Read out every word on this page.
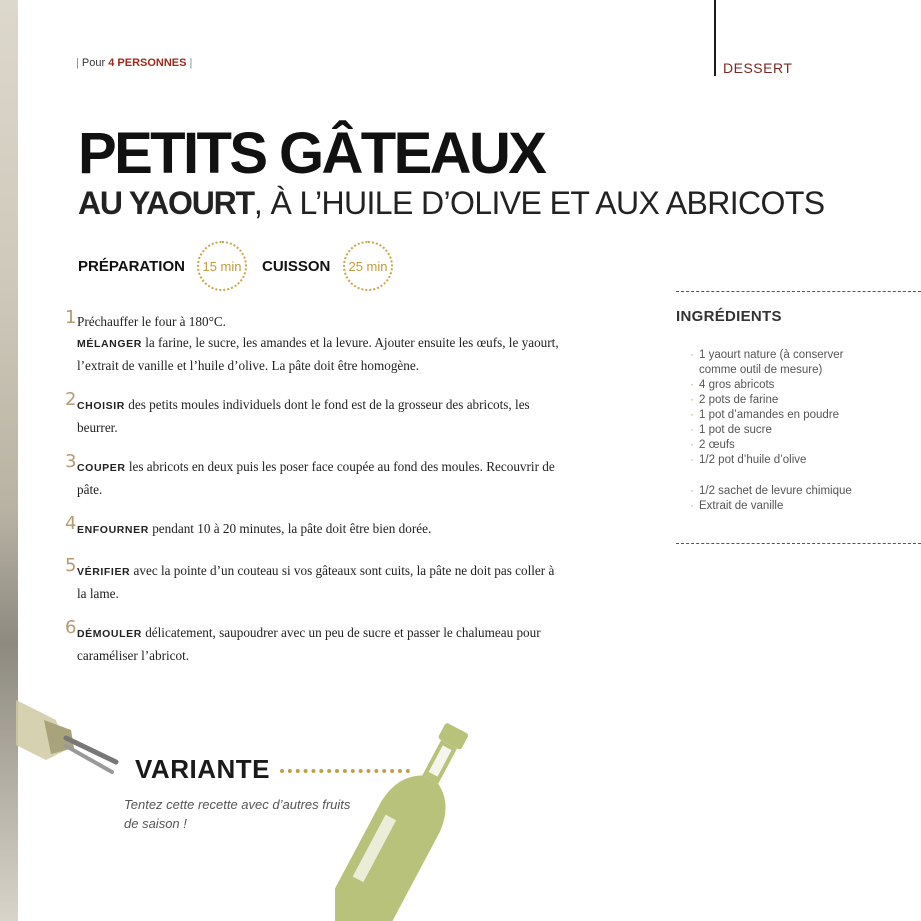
| Pour 4 PERSONNES |	DESSERT
PETITS GÂTEAUX
AU YAOURT, À L’HUILE D’OLIVE ET AUX ABRICOTS
PRÉPARATION 15 min CUISSON 25 min
1 Préchauffer le four à 180°C.
MÉLANGER la farine, le sucre, les amandes et la levure. Ajouter ensuite les œufs, le yaourt, l’extrait de vanille et l’huile d’olive. La pâte doit être homogène.
2 CHOISIR des petits moules individuels dont le fond est de la grosseur des abricots, les beurrer.
3 COUPER les abricots en deux puis les poser face coupée au fond des moules. Recouvrir de pâte.
4 ENFOURNER pendant 10 à 20 minutes, la pâte doit être bien dorée.
5 VÉRIFIER avec la pointe d’un couteau si vos gâteaux sont cuits, la pâte ne doit pas coller à la lame.
6 DÉMOULER délicatement, saupoudrer avec un peu de sucre et passer le chalumeau pour caraméliser l’abricot.
INGRÉDIENTS
· 1 yaourt nature (à conserver
comme outil de mesure)
· 4 gros abricots
· 2 pots de farine
· 1 pot d’amandes en poudre
· 1 pot de sucre
· 2 œufs
· 1/2 pot d’huile d’olive
· 1/2 sachet de levure chimique
· Extrait de vanille
VARIANTE
Tentez cette recette avec d’autres fruits de saison !
